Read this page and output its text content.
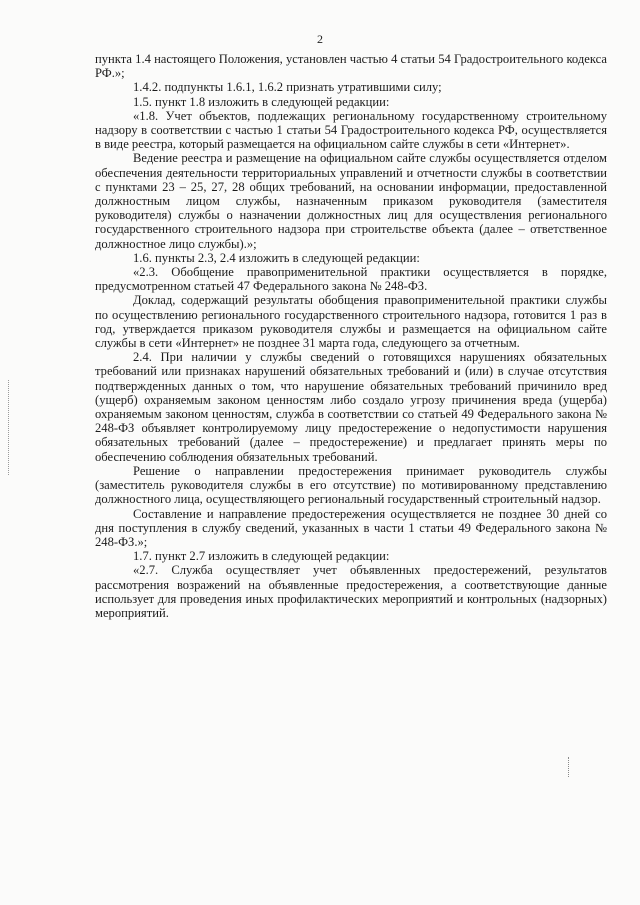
2

пункта 1.4 настоящего Положения, установлен частью 4 статьи 54 Градостроительного кодекса РФ.»;

1.4.2. подпункты 1.6.1, 1.6.2 признать утратившими силу;

1.5. пункт 1.8 изложить в следующей редакции:

«1.8. Учет объектов, подлежащих региональному государственному строительному надзору в соответствии с частью 1 статьи 54 Градостроительного кодекса РФ, осуществляется в виде реестра, который размещается на официальном сайте службы в сети «Интернет».

Ведение реестра и размещение на официальном сайте службы осуществляется отделом обеспечения деятельности территориальных управлений и отчетности службы в соответствии с пунктами 23 – 25, 27, 28 общих требований, на основании информации, предоставленной должностным лицом службы, назначенным приказом руководителя (заместителя руководителя) службы о назначении должностных лиц для осуществления регионального государственного строительного надзора при строительстве объекта (далее – ответственное должностное лицо службы).»;

1.6. пункты 2.3, 2.4 изложить в следующей редакции:

«2.3. Обобщение правоприменительной практики осуществляется в порядке, предусмотренном статьей 47 Федерального закона № 248-ФЗ.

Доклад, содержащий результаты обобщения правоприменительной практики службы по осуществлению регионального государственного строительного надзора, готовится 1 раз в год, утверждается приказом руководителя службы и размещается на официальном сайте службы в сети «Интернет» не позднее 31 марта года, следующего за отчетным.

2.4. При наличии у службы сведений о готовящихся нарушениях обязательных требований или признаках нарушений обязательных требований и (или) в случае отсутствия подтвержденных данных о том, что нарушение обязательных требований причинило вред (ущерб) охраняемым законом ценностям либо создало угрозу причинения вреда (ущерба) охраняемым законом ценностям, служба в соответствии со статьей 49 Федерального закона № 248-ФЗ объявляет контролируемому лицу предостережение о недопустимости нарушения обязательных требований (далее – предостережение) и предлагает принять меры по обеспечению соблюдения обязательных требований.

Решение о направлении предостережения принимает руководитель службы (заместитель руководителя службы в его отсутствие) по мотивированному представлению должностного лица, осуществляющего региональный государственный строительный надзор.

Составление и направление предостережения осуществляется не позднее 30 дней со дня поступления в службу сведений, указанных в части 1 статьи 49 Федерального закона № 248-ФЗ.»;

1.7. пункт 2.7 изложить в следующей редакции:

«2.7. Служба осуществляет учет объявленных предостережений, результатов рассмотрения возражений на объявленные предостережения, а соответствующие данные использует для проведения иных профилактических мероприятий и контрольных (надзорных) мероприятий.
